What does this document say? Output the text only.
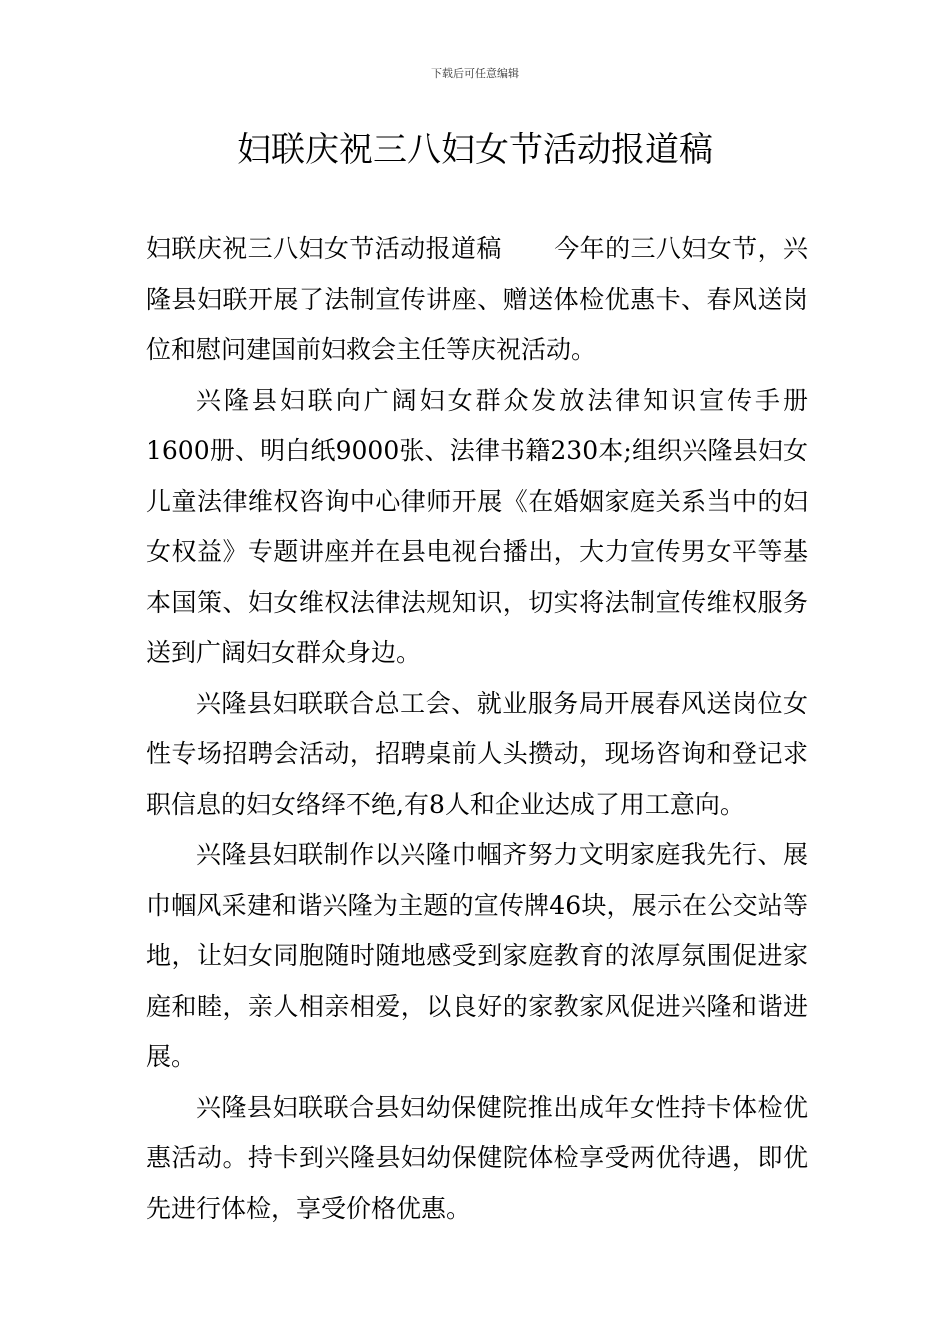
下载后可任意编辑
妇联庆祝三八妇女节活动报道稿

妇联庆祝三八妇女节活动报道稿 今年的三八妇女节，兴隆县妇联开展了法制宣传讲座、赠送体检优惠卡、春风送岗位和慰问建国前妇救会主任等庆祝活动。

兴隆县妇联向广阔妇女群众发放法律知识宣传手册1600册、明白纸9000张、法律书籍230本;组织兴隆县妇女儿童法律维权咨询中心律师开展《在婚姻家庭关系当中的妇女权益》专题讲座并在县电视台播出，大力宣传男女平等基本国策、妇女维权法律法规知识，切实将法制宣传维权服务送到广阔妇女群众身边。

兴隆县妇联联合总工会、就业服务局开展春风送岗位女性专场招聘会活动，招聘桌前人头攒动，现场咨询和登记求职信息的妇女络绎不绝,有8人和企业达成了用工意向。

兴隆县妇联制作以兴隆巾帼齐努力文明家庭我先行、展巾帼风采建和谐兴隆为主题的宣传牌46块，展示在公交站等地，让妇女同胞随时随地感受到家庭教育的浓厚氛围促进家庭和睦，亲人相亲相爱，以良好的家教家风促进兴隆和谐进展。

兴隆县妇联联合县妇幼保健院推出成年女性持卡体检优惠活动。持卡到兴隆县妇幼保健院体检享受两优待遇，即优先进行体检，享受价格优惠。
